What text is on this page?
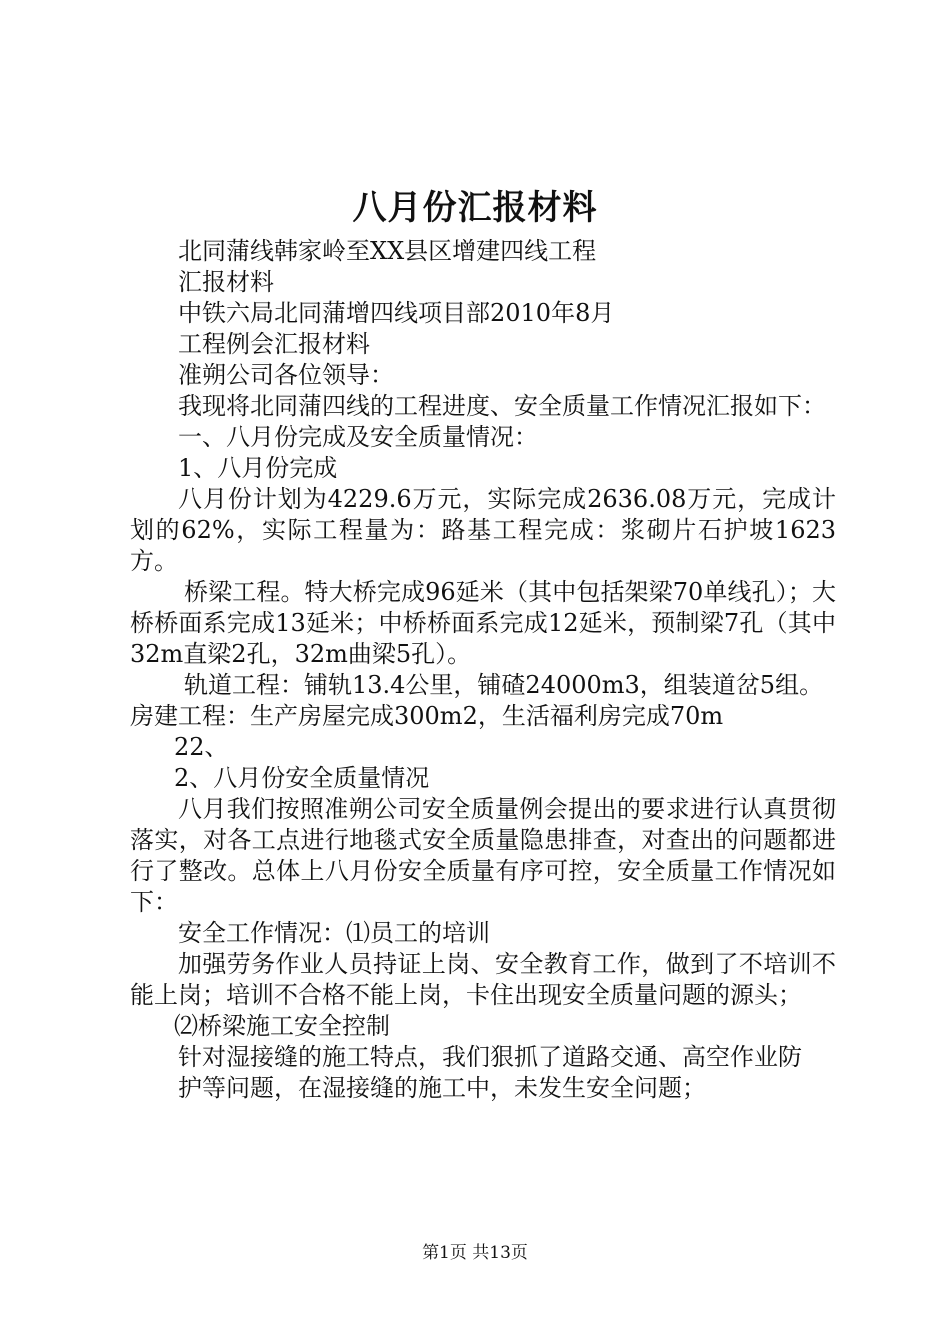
八月份汇报材料

北同蒲线韩家岭至XX县区增建四线工程

汇报材料

中铁六局北同蒲增四线项目部2010年8月

工程例会汇报材料

准朔公司各位领导：

我现将北同蒲四线的工程进度、安全质量工作情况汇报如下：

一、八月份完成及安全质量情况：

1、八月份完成

八月份计划为4229.6万元，实际完成2636.08万元，完成计划的62%，实际工程量为：路基工程完成：浆砌片石护坡1623方。

桥梁工程。特大桥完成96延米（其中包括架梁70单线孔）；大桥桥面系完成13延米；中桥桥面系完成12延米，预制梁7孔（其中32m直梁2孔，32m曲梁5孔）。

轨道工程：铺轨13.4公里，铺碴24000m3，组装道岔5组。

房建工程：生产房屋完成300m2，生活福利房完成70m

22、

2、八月份安全质量情况

八月我们按照准朔公司安全质量例会提出的要求进行认真贯彻落实，对各工点进行地毯式安全质量隐患排查，对查出的问题都进行了整改。总体上八月份安全质量有序可控，安全质量工作情况如下：

安全工作情况：⑴员工的培训

加强劳务作业人员持证上岗、安全教育工作，做到了不培训不能上岗；培训不合格不能上岗，卡住出现安全质量问题的源头；

⑵桥梁施工安全控制

针对湿接缝的施工特点，我们狠抓了道路交通、高空作业防

护等问题，在湿接缝的施工中，未发生安全问题；

第1页 共13页
